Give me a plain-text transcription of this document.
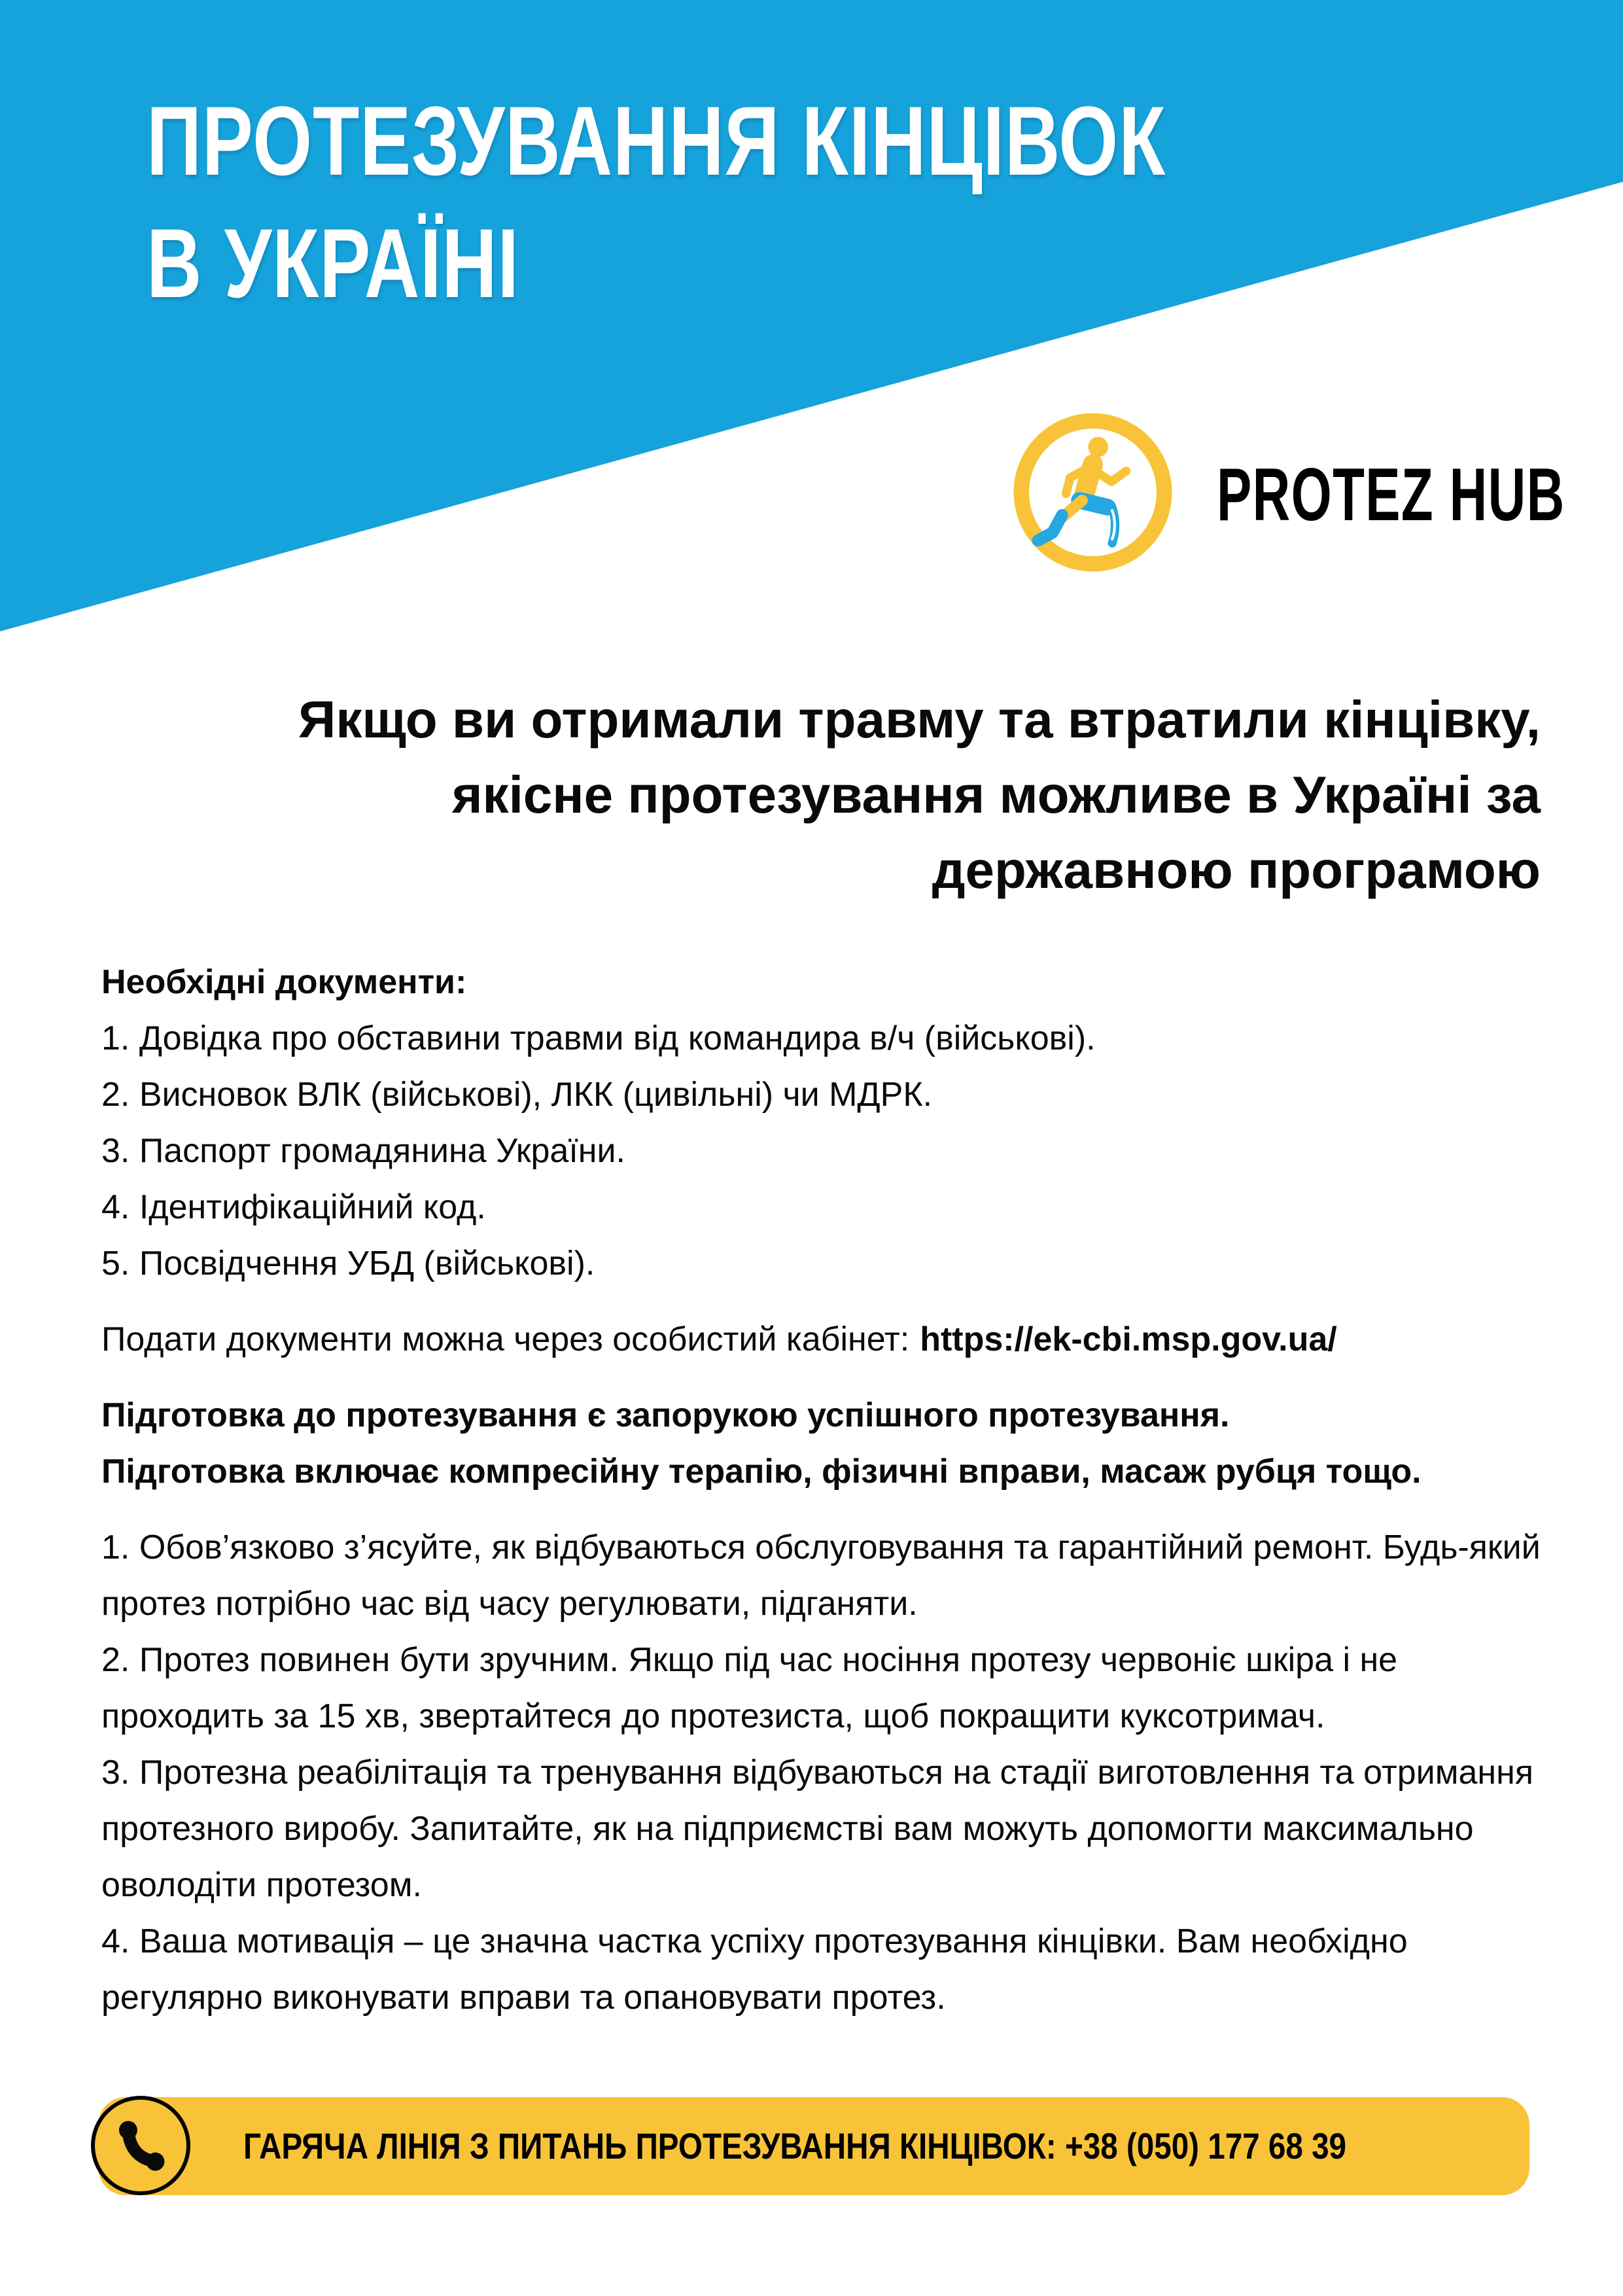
ПРОТЕЗУВАННЯ КІНЦІВОК
В УКРАЇНІ
PROTEZ HUB
Якщо ви отримали травму та втратили кінцівку,
якісне протезування можливе в Україні за
державною програмою
Необхідні документи:
1. Довідка про обставини травми від командира в/ч (військові).
2. Висновок ВЛК (військові), ЛКК (цивільні) чи МДРК.
3. Паспорт громадянина України.
4. Ідентифікаційний код.
5. Посвідчення УБД (військові).
Подати документи можна через особистий кабінет: https://ek-cbi.msp.gov.ua/
Підготовка до протезування є запорукою успішного протезування.
Підготовка включає компресійну терапію, фізичні вправи, масаж рубця тощо.

1. Обов’язково з’ясуйте, як відбуваються обслуговування та гарантійний ремонт. Будь-який протез потрібно час від часу регулювати, підганяти.

2. Протез повинен бути зручним. Якщо під час носіння протезу червоніє шкіра і не проходить за 15 хв, звертайтеся до протезиста, щоб покращити куксотримач.

3. Протезна реабілітація та тренування відбуваються на стадії виготовлення та отримання протезного виробу. Запитайте, як на підприємстві вам можуть допомогти максимально оволодіти протезом.

4. Ваша мотивація – це значна частка успіху протезування кінцівки. Вам необхідно регулярно виконувати вправи та опановувати протез.

ГАРЯЧА ЛІНІЯ З ПИТАНЬ ПРОТЕЗУВАННЯ КІНЦІВОК: +38 (050) 177 68 39
